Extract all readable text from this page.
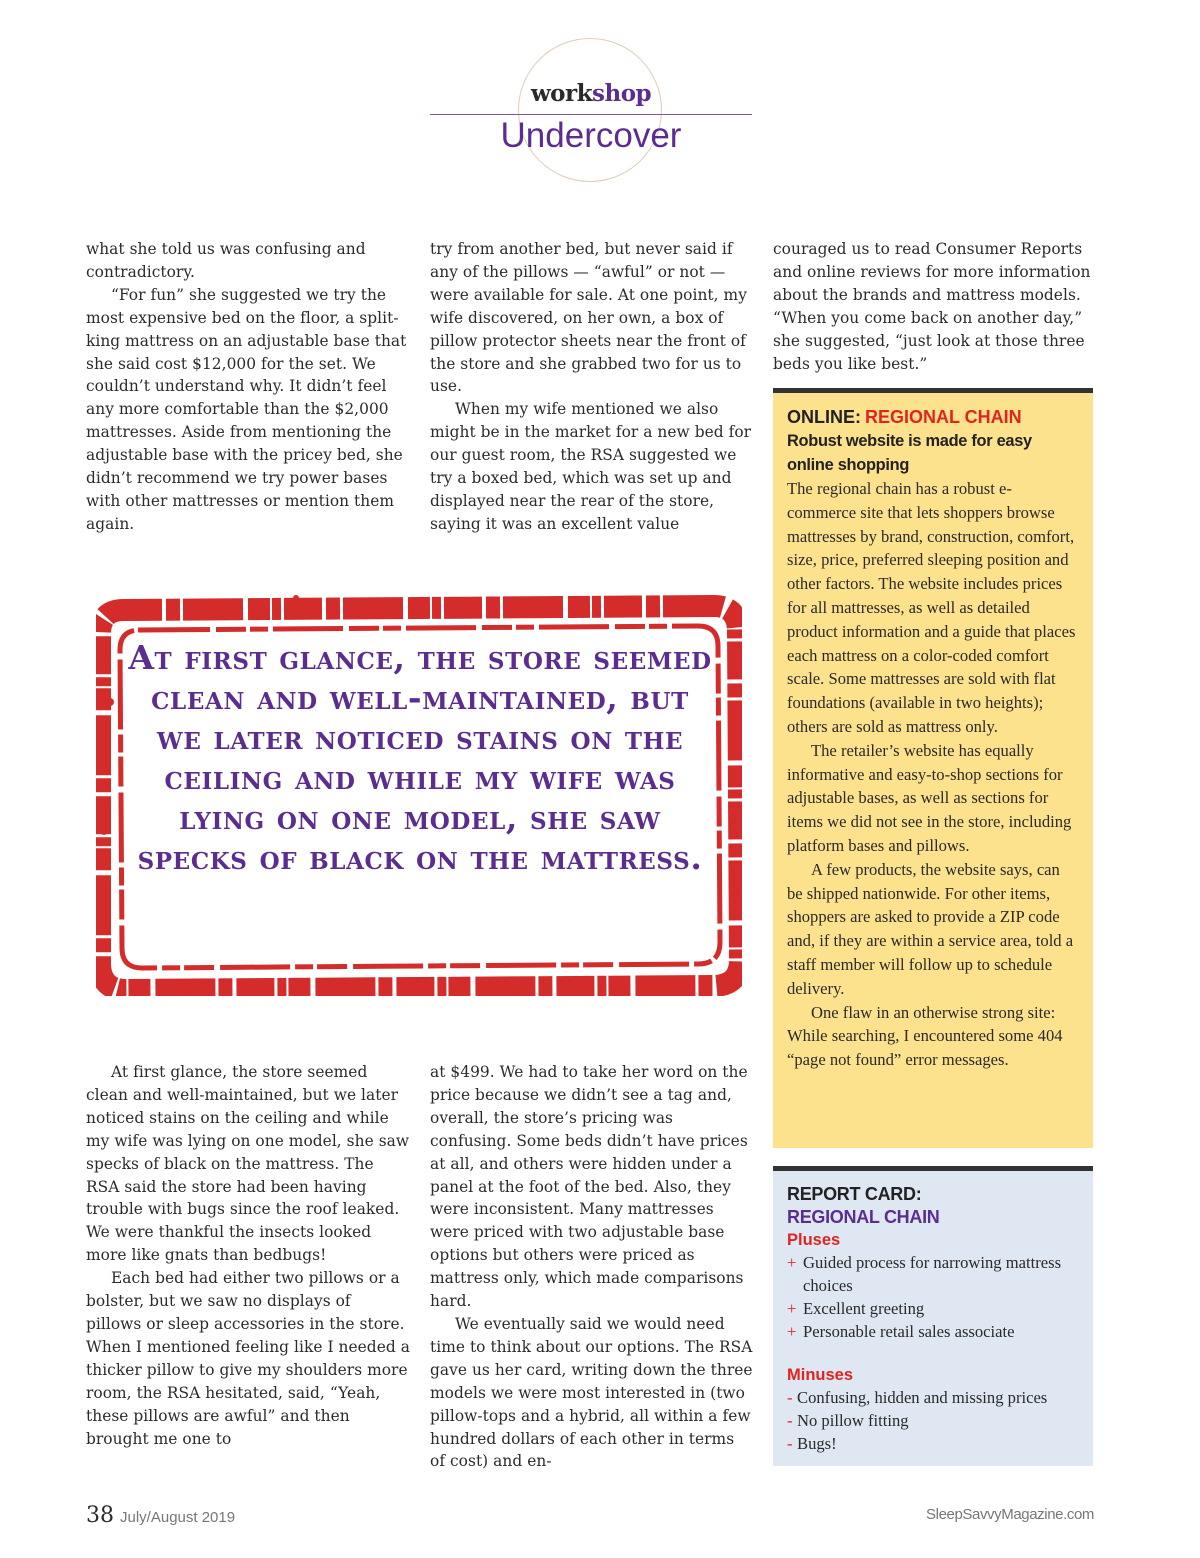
workshop
Undercover

what she told us was confusing and contradictory.

“For fun” she suggested we try the most expensive bed on the floor, a split-king mattress on an adjustable base that she said cost $12,000 for the set. We couldn’t understand why. It didn’t feel any more comfortable than the $2,000 mattresses. Aside from mentioning the adjustable base with the pricey bed, she didn’t recommend we try power bases with other mattresses or mention them again.

try from another bed, but never said if any of the pillows — “awful” or not — were available for sale. At one point, my wife discovered, on her own, a box of pillow protector sheets near the front of the store and she grabbed two for us to use.

When my wife mentioned we also might be in the market for a new bed for our guest room, the RSA suggested we try a boxed bed, which was set up and displayed near the rear of the store, saying it was an excellent value

couraged us to read Consumer Reports and online reviews for more information about the brands and mattress models. “When you come back on another day,” she suggested, “just look at those three beds you like best.”

At first glance, the store seemed clean and well-maintained, but we later noticed stains on the ceiling and while my wife was lying on one model, she saw specks of black on the mattress.

At first glance, the store seemed clean and well-maintained, but we later noticed stains on the ceiling and while my wife was lying on one model, she saw specks of black on the mattress. The RSA said the store had been having trouble with bugs since the roof leaked. We were thankful the insects looked more like gnats than bedbugs!

Each bed had either two pillows or a bolster, but we saw no displays of pillows or sleep accessories in the store. When I mentioned feeling like I needed a thicker pillow to give my shoulders more room, the RSA hesitated, said, “Yeah, these pillows are awful” and then brought me one to

at $499. We had to take her word on the price because we didn’t see a tag and, overall, the store’s pricing was confusing. Some beds didn’t have prices at all, and others were hidden under a panel at the foot of the bed. Also, they were inconsistent. Many mattresses were priced with two adjustable base options but others were priced as mattress only, which made comparisons hard.

We eventually said we would need time to think about our options. The RSA gave us her card, writing down the three models we were most interested in (two pillow-tops and a hybrid, all within a few hundred dollars of each other in terms of cost) and en-

ONLINE: REGIONAL CHAIN
Robust website is made for easy online shopping

The regional chain has a robust e-commerce site that lets shoppers browse mattresses by brand, construction, comfort, size, price, preferred sleeping position and other factors. The website includes prices for all mattresses, as well as detailed product information and a guide that places each mattress on a color-coded comfort scale. Some mattresses are sold with flat foundations (available in two heights); others are sold as mattress only.

The retailer’s website has equally informative and easy-to-shop sections for adjustable bases, as well as sections for items we did not see in the store, including platform bases and pillows.

A few products, the website says, can be shipped nationwide. For other items, shoppers are asked to provide a ZIP code and, if they are within a service area, told a staff member will follow up to schedule delivery.

One flaw in an otherwise strong site: While searching, I encountered some 404 “page not found” error messages.

REPORT CARD:
REGIONAL CHAIN
Pluses
+ Guided process for narrowing mattress choices
+ Excellent greeting
+ Personable retail sales associate
Minuses
- Confusing, hidden and missing prices
- No pillow fitting
- Bugs!
38 July/August 2019	SleepSavvyMagazine.com
